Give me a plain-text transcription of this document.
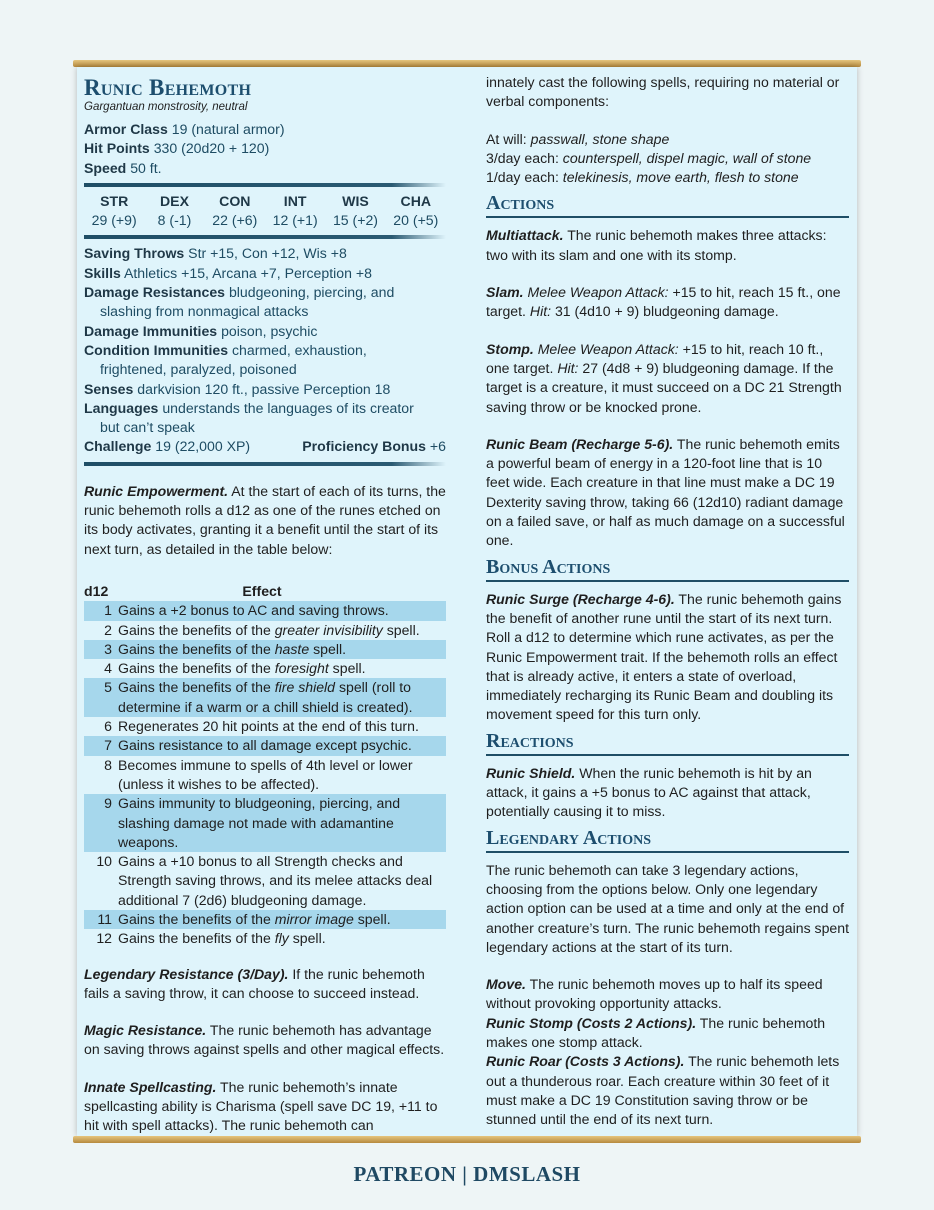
Runic Behemoth
Gargantuan monstrosity, neutral
Armor Class 19 (natural armor)
Hit Points 330 (20d20 + 120)
Speed 50 ft.
STR	DEX	CON	INT	WIS	CHA
29 (+9)	8 (-1)	22 (+6)	12 (+1)	15 (+2)	20 (+5)
Saving Throws Str +15, Con +12, Wis +8
Skills Athletics +15, Arcana +7, Perception +8
Damage Resistances bludgeoning, piercing, and
slashing from nonmagical attacks
Damage Immunities poison, psychic
Condition Immunities charmed, exhaustion,
frightened, paralyzed, poisoned
Senses darkvision 120 ft., passive Perception 18
Languages understands the languages of its creator
but can’t speak
Challenge 19 (22,000 XP)	Proficiency Bonus +6

Runic Empowerment. At the start of each of its turns, the runic behemoth rolls a d12 as one of the runes etched on its body activates, granting it a benefit until the start of its next turn, as detailed in the table below:

d12	Effect
1 Gains a +2 bonus to AC and saving throws.
2 Gains the benefits of the greater invisibility spell.
3 Gains the benefits of the haste spell.
4 Gains the benefits of the foresight spell.
5 Gains the benefits of the fire shield spell (roll to determine if a warm or a chill shield is created).
6 Regenerates 20 hit points at the end of this turn.
7 Gains resistance to all damage except psychic.
8 Becomes immune to spells of 4th level or lower (unless it wishes to be affected).
9 Gains immunity to bludgeoning, piercing, and slashing damage not made with adamantine weapons.
10 Gains a +10 bonus to all Strength checks and Strength saving throws, and its melee attacks deal additional 7 (2d6) bludgeoning damage.
11 Gains the benefits of the mirror image spell.
12 Gains the benefits of the fly spell.

Legendary Resistance (3/Day). If the runic behemoth fails a saving throw, it can choose to succeed instead.

Magic Resistance. The runic behemoth has advantage on saving throws against spells and other magical effects.

Innate Spellcasting. The runic behemoth’s innate spellcasting ability is Charisma (spell save DC 19, +11 to hit with spell attacks). The runic behemoth can

innately cast the following spells, requiring no material or verbal components:

At will: passwall, stone shape
3/day each: counterspell, dispel magic, wall of stone
1/day each: telekinesis, move earth, flesh to stone
Actions

Multiattack. The runic behemoth makes three attacks: two with its slam and one with its stomp.

Slam. Melee Weapon Attack: +15 to hit, reach 15 ft., one target. Hit: 31 (4d10 + 9) bludgeoning damage.

Stomp. Melee Weapon Attack: +15 to hit, reach 10 ft., one target. Hit: 27 (4d8 + 9) bludgeoning damage. If the target is a creature, it must succeed on a DC 21 Strength saving throw or be knocked prone.

Runic Beam (Recharge 5-6). The runic behemoth emits a powerful beam of energy in a 120-foot line that is 10 feet wide. Each creature in that line must make a DC 19 Dexterity saving throw, taking 66 (12d10) radiant damage on a failed save, or half as much damage on a successful one.

Bonus Actions

Runic Surge (Recharge 4-6). The runic behemoth gains the benefit of another rune until the start of its next turn. Roll a d12 to determine which rune activates, as per the Runic Empowerment trait. If the behemoth rolls an effect that is already active, it enters a state of overload, immediately recharging its Runic Beam and doubling its movement speed for this turn only.

Reactions

Runic Shield. When the runic behemoth is hit by an attack, it gains a +5 bonus to AC against that attack, potentially causing it to miss.

Legendary Actions

The runic behemoth can take 3 legendary actions, choosing from the options below. Only one legendary action option can be used at a time and only at the end of another creature’s turn. The runic behemoth regains spent legendary actions at the start of its turn.

Move. The runic behemoth moves up to half its speed without provoking opportunity attacks.

Runic Stomp (Costs 2 Actions). The runic behemoth makes one stomp attack.

Runic Roar (Costs 3 Actions). The runic behemoth lets out a thunderous roar. Each creature within 30 feet of it must make a DC 19 Constitution saving throw or be stunned until the end of its next turn.

PATREON | DMSLASH
